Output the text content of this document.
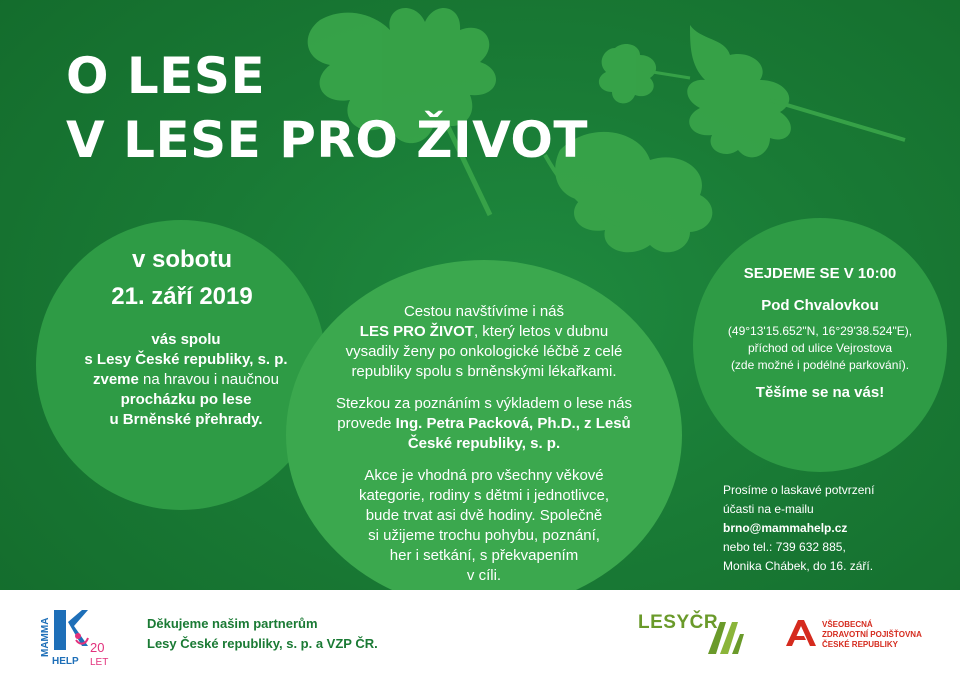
O LESE
V LESE PRO ŽIVOT
v sobotu
21. září 2019
vás spolu
s Lesy České republiky, s. p.
zveme na hravou i naučnou
procházku po lese
u Brněnské přehrady.

Cestou navštívíme i náš
LES PRO ŽIVOT, který letos v dubnu
vysadily ženy po onkologické léčbě z celé
republiky spolu s brněnskými lékařkami.

Stezkou za poznáním s výkladem o lese nás
provede Ing. Petra Packová, Ph.D., z Lesů
České republiky, s. p.

Akce je vhodná pro všechny věkové
kategorie, rodiny s dětmi i jednotlivce,
bude trvat asi dvě hodiny. Společně
si užijeme trochu pohybu, poznání,
her i setkání, s překvapením
v cíli.

SEJDEME SE V 10:00
Pod Chvalovkou
(49°13'15.652"N, 16°29'38.524"E),
příchod od ulice Vejrostova
(zde možné i podélné parkování).
Těšíme se na vás!
Prosíme o laskavé potvrzení
účasti na e-mailu
brno@mammahelp.cz
nebo tel.: 739 632 885,
Monika Chábek, do 16. září.
MAMMA
HELP
20
LET
Děkujeme našim partnerům
Lesy České republiky, s. p. a VZP ČR.
LESYČR	VŠEOBECNÁ
ZDRAVOTNÍ POJIŠŤOVNA
ČESKÉ REPUBLIKY
